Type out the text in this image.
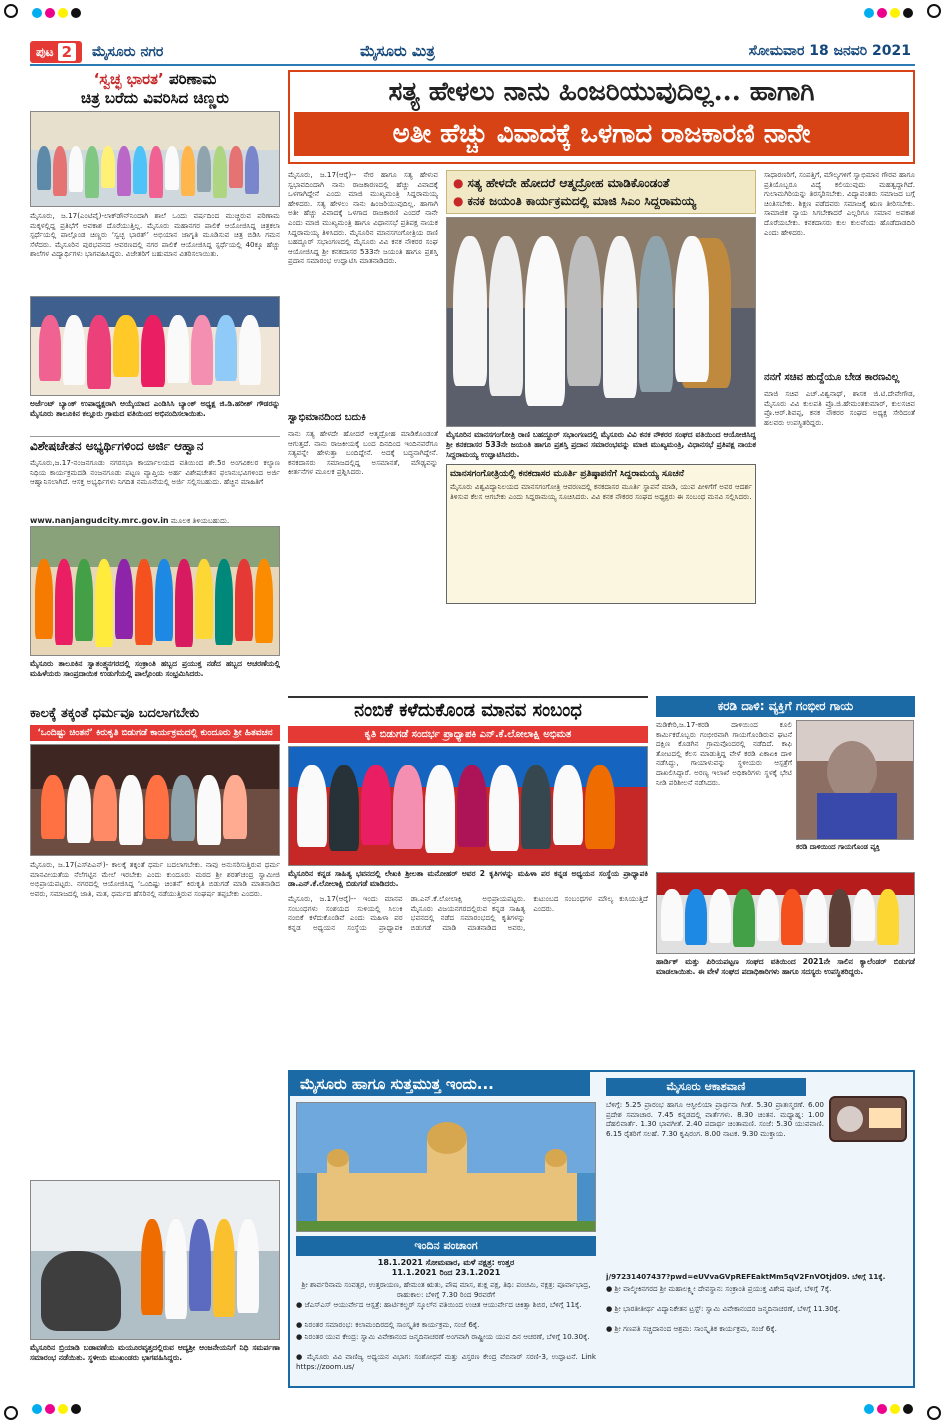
ಪುಟ 2 ಮೈಸೂರು ನಗರ	ಮೈಸೂರು ಮಿತ್ರ	ಸೋಮವಾರ 18 ಜನವರಿ 2021
‘ಸ್ವಚ್ಛ ಭಾರತ’ ಪರಿಣಾಮ
ಚಿತ್ರ ಬರೆದು ವಿವರಿಸಿದ ಚಿಣ್ಣರು
ಮೈಸೂರು, ಜ.17(ಎಂಟಿವೈ)-ಲಾಕ್‍ಡೌನ್‍ನಿಂದಾಗಿ ಶಾಲೆ ಒಂದು ವರ್ಷದಿಂದ ಮುಚ್ಚಿರುವ ಪರಿಣಾಮ ಮಕ್ಕಳಲ್ಲಿದ್ದ ಪ್ರತಿಭೆಗೆ ಅವಕಾಶ ದೊರೆಯುತ್ತಿಲ್ಲ. ಮೈಸೂರು ಮಹಾನಗರ ಪಾಲಿಕೆ ಆಯೋಜಿಸಿದ್ದ ಚಿತ್ರಕಲಾ ಸ್ಪರ್ಧೆಯಲ್ಲಿ ಪಾಲ್ಗೊಂಡ ಚಿಣ್ಣರು ‘ಸ್ವಚ್ಛ ಭಾರತ್’ ಅಭಿಯಾನ ಜಾಗೃತಿ ಮೂಡಿಸುವ ಚಿತ್ರ ಬಿಡಿಸಿ ಗಮನ ಸೆಳೆದರು. ಮೈಸೂರಿನ ಪುರಭವನದ ಆವರಣದಲ್ಲಿ ನಗರ ಪಾಲಿಕೆ ಆಯೋಜಿಸಿದ್ದ ಸ್ಪರ್ಧೆಯಲ್ಲಿ 40ಕ್ಕೂ ಹೆಚ್ಚು ಶಾಲೆಗಳ ವಿದ್ಯಾರ್ಥಿಗಳು ಭಾಗವಹಿಸಿದ್ದರು. ವಿಜೇತರಿಗೆ ಬಹುಮಾನ ವಿತರಿಸಲಾಯಿತು.
ಅರ್ಜೆಂಟ್ ಬ್ಯಾಂಕ್ ಉಪಾಧ್ಯಕ್ಷರಾಗಿ ಆಯ್ಕೆಯಾದ ಎಂಡಿಸಿಸಿ ಬ್ಯಾಂಕ್ ಅಧ್ಯಕ್ಷ ಜಿ.ಡಿ.ಹರೀಶ್ ಗೌಡರನ್ನು ಮೈಸೂರು ತಾಲೂಕಿನ ಕಲ್ಲೂರು ಗ್ರಾಮದ ವತಿಯಿಂದ ಅಭಿನಂದಿಸಲಾಯಿತು.
ವಿಶೇಷಚೇತನ ಅಭ್ಯರ್ಥಿಗಳಿಂದ ಅರ್ಜಿ ಆಹ್ವಾನ
ಮೈಸೂರು,ಜ.17-ನಂಜನಗೂಡು ನಗರಸಭಾ ಕಾರ್ಯಾಲಯದ ವತಿಯಿಂದ ಶೇ.5ರ ಅಂಗವಿಕಲರ ಕಲ್ಯಾಣ ನಿಧಿಯ ಕಾರ್ಯಕ್ರಮದಡಿ ನಂಜನಗೂಡು ಪಟ್ಟಣ ವ್ಯಾಪ್ತಿಯ ಅರ್ಹ ವಿಶೇಷಚೇತನ ಫಲಾನುಭವಿಗಳಿಂದ ಅರ್ಜಿ ಆಹ್ವಾನಿಸಲಾಗಿದೆ. ಆಸಕ್ತ ಅಭ್ಯರ್ಥಿಗಳು ನಿಗದಿತ ನಮೂನೆಯಲ್ಲಿ ಅರ್ಜಿ ಸಲ್ಲಿಸಬಹುದು. ಹೆಚ್ಚಿನ ಮಾಹಿತಿಗೆ
www.nanjangudcity.mrc.gov.in ಮೂಲಕ ತಿಳಿಯಬಹುದು.
ಮೈಸೂರು ತಾಲೂಕಿನ ಸ್ವಾತಂತ್ರ್ಯನಗರದಲ್ಲಿ ಸಂಕ್ರಾಂತಿ ಹಬ್ಬದ ಪ್ರಯುಕ್ತ ನಡೆದ ಹಬ್ಬದ ಆಚರಣೆಯಲ್ಲಿ ಮಹಿಳೆಯರು ಸಾಂಪ್ರದಾಯಿಕ ಉಡುಗೆಯಲ್ಲಿ ಪಾಲ್ಗೊಂಡು ಸಂಭ್ರಮಿಸಿದರು.
ಕಾಲಕ್ಕೆ ತಕ್ಕಂತೆ ಧರ್ಮವೂ ಬದಲಾಗಬೇಕು
‘ಒಂದಿಷ್ಟು ಚಿಂತನೆ’ ಕಿರುಕೃತಿ ಬಿಡುಗಡೆ ಕಾರ್ಯಕ್ರಮದಲ್ಲಿ ಕುಂದೂರು ಶ್ರೀ ಹಿತವಚನ
ಮೈಸೂರು, ಜ.17(ಎಸ್‍ಪಿಎನ್)- ಕಾಲಕ್ಕೆ ತಕ್ಕಂತೆ ಧರ್ಮ ಬದಲಾಗಬೇಕು. ನಾವು ಅನುಸರಿಸುತ್ತಿರುವ ಧರ್ಮ ಮಾನವೀಯತೆಯ ನೆಲೆಗಟ್ಟಿನ ಮೇಲೆ ಇರಬೇಕು ಎಂದು ಕುಂದೂರು ಮಠದ ಶ್ರೀ ಶರತ್‍ಚಂದ್ರ ಸ್ವಾಮೀಜಿ ಅಭಿಪ್ರಾಯಪಟ್ಟರು. ನಗರದಲ್ಲಿ ಆಯೋಜಿಸಿದ್ದ ‘ಒಂದಿಷ್ಟು ಚಿಂತನೆ’ ಕಿರುಕೃತಿ ಬಿಡುಗಡೆ ಮಾಡಿ ಮಾತನಾಡಿದ ಅವರು, ಸಮಾಜದಲ್ಲಿ ಜಾತಿ, ಮತ, ಧರ್ಮದ ಹೆಸರಿನಲ್ಲಿ ನಡೆಯುತ್ತಿರುವ ಸಂಘರ್ಷ ತಪ್ಪಬೇಕು ಎಂದರು.
ಮೈಸೂರಿನ ಬ್ರಿಯಾಡಿ ಬಡಾವಣೆಯ ಮಯೂರವೃತ್ತದಲ್ಲಿರುವ ಆದ್ಯಶ್ರೀ ಆಂಜನೇಯನಿಗೆ ನಿಧಿ ಸಮರ್ಪಣಾ ಸಮಾರಂಭ ನಡೆಯಿತು. ಸ್ಥಳೀಯ ಮುಖಂಡರು ಭಾಗವಹಿಸಿದ್ದರು.
ಸತ್ಯ ಹೇಳಲು ನಾನು ಹಿಂಜರಿಯುವುದಿಲ್ಲ... ಹಾಗಾಗಿ
ಅತೀ ಹೆಚ್ಚು ವಿವಾದಕ್ಕೆ ಒಳಗಾದ ರಾಜಕಾರಣಿ ನಾನೇ
ಮೈಸೂರು, ಜ.17(ಆರ್‍ಕೆ)-- ನೇರ ಹಾಗೂ ಸತ್ಯ ಹೇಳುವ ಸ್ವಭಾವದಿಂದಾಗಿ ನಾನು ರಾಜಕಾರಣದಲ್ಲಿ ಹೆಚ್ಚು ವಿವಾದಕ್ಕೆ ಒಳಗಾಗಿದ್ದೇನೆ ಎಂದು ಮಾಜಿ ಮುಖ್ಯಮಂತ್ರಿ ಸಿದ್ದರಾಮಯ್ಯ ಹೇಳಿದರು. ಸತ್ಯ ಹೇಳಲು ನಾನು ಹಿಂಜರಿಯುವುದಿಲ್ಲ. ಹಾಗಾಗಿ ಅತೀ ಹೆಚ್ಚು ವಿವಾದಕ್ಕೆ ಒಳಗಾದ ರಾಜಕಾರಣಿ ಎಂದರೆ ನಾನೇ ಎಂದು ಮಾಜಿ ಮುಖ್ಯಮಂತ್ರಿ ಹಾಗೂ ವಿಧಾನಸಭೆ ಪ್ರತಿಪಕ್ಷ ನಾಯಕ ಸಿದ್ದರಾಮಯ್ಯ ತಿಳಿಸಿದರು. ಮೈಸೂರಿನ ಮಾನಸಗಂಗೋತ್ರಿಯ ರಾಣಿ ಬಹದ್ದೂರ್ ಸಭಾಂಗಣದಲ್ಲಿ ಮೈಸೂರು ವಿವಿ ಕನಕ ನೌಕರರ ಸಂಘ ಆಯೋಜಿಸಿದ್ದ ಶ್ರೀ ಕನಕದಾಸರ 533ನೇ ಜಯಂತಿ ಹಾಗೂ ಪ್ರಶಸ್ತಿ ಪ್ರದಾನ ಸಮಾರಂಭ ಉದ್ಘಾಟಿಸಿ ಮಾತನಾಡಿದರು.
ಸ್ವಾಭಿಮಾನದಿಂದ ಬದುಕಿ
ನಾನು ಸತ್ಯ ಹೇಳದೇ ಹೋದರೆ ಆತ್ಮದ್ರೋಹ ಮಾಡಿಕೊಂಡಂತೆ ಆಗುತ್ತದೆ. ನಾನು ರಾಜಕೀಯಕ್ಕೆ ಬಂದ ದಿನದಿಂದ ಇಂದಿನವರೆಗೂ ಸತ್ಯವನ್ನೇ ಹೇಳುತ್ತಾ ಬಂದಿದ್ದೇನೆ. ಅದಕ್ಕೆ ಬದ್ಧನಾಗಿದ್ದೇನೆ. ಕನಕದಾಸರು ಸಮಾಜದಲ್ಲಿದ್ದ ಅಸಮಾನತೆ, ಮೌಢ್ಯವನ್ನು ಕೀರ್ತನೆಗಳ ಮೂಲಕ ಪ್ರಶ್ನಿಸಿದರು.
● ಸತ್ಯ ಹೇಳದೇ ಹೋದರೆ ಆತ್ಮದ್ರೋಹ ಮಾಡಿಕೊಂಡಂತೆ
● ಕನಕ ಜಯಂತಿ ಕಾರ್ಯಕ್ರಮದಲ್ಲಿ ಮಾಜಿ ಸಿಎಂ ಸಿದ್ದರಾಮಯ್ಯ
ಮೈಸೂರಿನ ಮಾನಸಗಂಗೋತ್ರಿ ರಾಣಿ ಬಹದ್ದೂರ್ ಸಭಾಂಗಣದಲ್ಲಿ ಮೈಸೂರು ವಿವಿ ಕನಕ ನೌಕರರ ಸಂಘದ ವತಿಯಿಂದ ಆಯೋಜಿಸಿದ್ದ ಶ್ರೀ ಕನಕದಾಸರ 533ನೇ ಜಯಂತಿ ಹಾಗೂ ಪ್ರಶಸ್ತಿ ಪ್ರದಾನ ಸಮಾರಂಭವನ್ನು ಮಾಜಿ ಮುಖ್ಯಮಂತ್ರಿ, ವಿಧಾನಸಭೆ ಪ್ರತಿಪಕ್ಷ ನಾಯಕ ಸಿದ್ದರಾಮಯ್ಯ ಉದ್ಘಾಟಿಸಿದರು.
ಮಾನಸಗಂಗೋತ್ರಿಯಲ್ಲಿ ಕನಕದಾಸರ ಮೂರ್ತಿ ಪ್ರತಿಷ್ಠಾಪನೆಗೆ ಸಿದ್ದರಾಮಯ್ಯ ಸೂಚನೆ
ಮೈಸೂರು ವಿಶ್ವವಿದ್ಯಾನಿಲಯದ ಮಾನಸಗಂಗೋತ್ರಿ ಆವರಣದಲ್ಲಿ ಕನಕದಾಸರ ಮೂರ್ತಿ ಸ್ಥಾಪನೆ ಮಾಡಿ, ಯುವ ಪೀಳಿಗೆಗೆ ಅವರ ಆದರ್ಶ ತಿಳಿಸುವ ಕೆಲಸ ಆಗಬೇಕು ಎಂದು ಸಿದ್ದರಾಮಯ್ಯ ಸೂಚಿಸಿದರು. ವಿವಿ ಕನಕ ನೌಕರರ ಸಂಘದ ಅಧ್ಯಕ್ಷರು ಈ ಸಂಬಂಧ ಮನವಿ ಸಲ್ಲಿಸಿದರು.
ಸಾಧಾರಣರಿಗೆ, ಸಂಪತ್ತಿಗೆ, ಮೌಲ್ಯಗಳಿಗೆ ಸ್ವಾಭಿಮಾನ ಗೌರವ ಹಾಗೂ ಪ್ರತಿಯೊಬ್ಬರೂ ವಿದ್ಯೆ ಕಲಿಯುವುದು ಮಹತ್ವದ್ದಾಗಿದೆ. ಗುಲಾಮಗಿರಿಯನ್ನು ತಿರಸ್ಕರಿಸಬೇಕು. ವಿದ್ಯಾವಂತರು ಸಮಾಜದ ಬಗ್ಗೆ ಚಿಂತಿಸಬೇಕು. ಶಿಕ್ಷಣ ಪಡೆದವರು ಸಮಾಜಕ್ಕೆ ಋಣ ತೀರಿಸಬೇಕು. ಸಾಮಾಜಿಕ ನ್ಯಾಯ ಸಿಗಬೇಕಾದರೆ ಎಲ್ಲರಿಗೂ ಸಮಾನ ಅವಕಾಶ ದೊರೆಯಬೇಕು. ಕನಕದಾಸರು ಕುಲ ಕುಲವೆಂದು ಹೊಡೆದಾಡದಿರಿ ಎಂದು ಹೇಳಿದರು.
ನನಗೆ ಸಚಿವ ಹುದ್ದೆಯೂ ಬೇಡ ಕಾರಣವಿಲ್ಲ
ಮಾಜಿ ಸಚಿವ ಎಚ್.ವಿಶ್ವನಾಥ್, ಶಾಸಕ ಜಿ.ಟಿ.ದೇವೇಗೌಡ, ಮೈಸೂರು ವಿವಿ ಕುಲಪತಿ ಪ್ರೊ.ಜಿ.ಹೇಮಂತಕುಮಾರ್, ಕುಲಸಚಿವ ಪ್ರೊ.ಆರ್.ಶಿವಪ್ಪ, ಕನಕ ನೌಕರರ ಸಂಘದ ಅಧ್ಯಕ್ಷ ಸೇರಿದಂತೆ ಹಲವರು ಉಪಸ್ಥಿತರಿದ್ದರು.
ನಂಬಿಕೆ ಕಳೆದುಕೊಂಡ ಮಾನವ ಸಂಬಂಧ
ಕೃತಿ ಬಿಡುಗಡೆ ಸಂದರ್ಭ ಪ್ರಾಧ್ಯಾಪಕಿ ಎನ್.ಕೆ.ಲೋಲಾಕ್ಷಿ ಅಭಿಮತ
ಮೈಸೂರಿನ ಕನ್ನಡ ಸಾಹಿತ್ಯ ಭವನದಲ್ಲಿ ಲೇಖಕಿ ಶ್ರೀಲತಾ ಮನೋಹರ್ ಅವರ 2 ಕೃತಿಗಳನ್ನು ಮಹಿಳಾ ಪರ ಕನ್ನಡ ಅಧ್ಯಯನ ಸಂಸ್ಥೆಯ ಪ್ರಾಧ್ಯಾಪಕಿ ಡಾ.ಎನ್.ಕೆ.ಲೋಲಾಕ್ಷಿ ಬಿಡುಗಡೆ ಮಾಡಿದರು.
ಮೈಸೂರು, ಜ.17(ಆರ್‍ಕೆ)-- ಇಂದು ಮಾನವ ಸಂಬಂಧಗಳು ಸಂಶಯದ ಸುಳಿಯಲ್ಲಿ ಸಿಲುಕಿ ನಂಬಿಕೆ ಕಳೆದುಕೊಂಡಿವೆ ಎಂದು ಮಹಿಳಾ ಪರ ಕನ್ನಡ ಅಧ್ಯಯನ ಸಂಸ್ಥೆಯ ಪ್ರಾಧ್ಯಾಪಕಿ ಡಾ.ಎನ್.ಕೆ.ಲೋಲಾಕ್ಷಿ ಅಭಿಪ್ರಾಯಪಟ್ಟರು. ಮೈಸೂರು ವಿಜಯನಗರದಲ್ಲಿರುವ ಕನ್ನಡ ಸಾಹಿತ್ಯ ಭವನದಲ್ಲಿ ನಡೆದ ಸಮಾರಂಭದಲ್ಲಿ ಕೃತಿಗಳನ್ನು ಬಿಡುಗಡೆ ಮಾಡಿ ಮಾತನಾಡಿದ ಅವರು, ಕುಟುಂಬದ ಸಂಬಂಧಗಳ ಮೌಲ್ಯ ಕುಸಿಯುತ್ತಿದೆ ಎಂದರು.
ಕರಡಿ ದಾಳಿ: ವ್ಯಕ್ತಿಗೆ ಗಂಭೀರ ಗಾಯ
ಮಡಿಕೇರಿ,ಜ.17-ಕರಡಿ ದಾಳಿಯಿಂದ ಕೂಲಿ ಕಾರ್ಮಿಕರೊಬ್ಬರು ಗಂಭೀರವಾಗಿ ಗಾಯಗೊಂಡಿರುವ ಘಟನೆ ದಕ್ಷಿಣ ಕೊಡಗಿನ ಗ್ರಾಮವೊಂದರಲ್ಲಿ ನಡೆದಿದೆ. ಕಾಫಿ ತೋಟದಲ್ಲಿ ಕೆಲಸ ಮಾಡುತ್ತಿದ್ದ ವೇಳೆ ಕರಡಿ ಏಕಾಏಕಿ ದಾಳಿ ನಡೆಸಿದ್ದು, ಗಾಯಾಳುವನ್ನು ಸ್ಥಳೀಯರು ಆಸ್ಪತ್ರೆಗೆ ದಾಖಲಿಸಿದ್ದಾರೆ. ಅರಣ್ಯ ಇಲಾಖೆ ಅಧಿಕಾರಿಗಳು ಸ್ಥಳಕ್ಕೆ ಭೇಟಿ ನೀಡಿ ಪರಿಶೀಲನೆ ನಡೆಸಿದರು.
ಕರಡಿ ದಾಳಿಯಿಂದ ಗಾಯಗೊಂಡ ವ್ಯಕ್ತಿ
ಹಾರ್ಡಿಕ್ ಮತ್ತು ಪಿರಿಯಪಟ್ಟಣ ಸಂಘದ ವತಿಯಿಂದ 2021ನೇ ಸಾಲಿನ ಕ್ಯಾಲೆಂಡರ್ ಬಿಡುಗಡೆ ಮಾಡಲಾಯಿತು. ಈ ವೇಳೆ ಸಂಘದ ಪದಾಧಿಕಾರಿಗಳು ಹಾಗೂ ಸದಸ್ಯರು ಉಪಸ್ಥಿತರಿದ್ದರು.
ಮೈಸೂರು ಹಾಗೂ ಸುತ್ತಮುತ್ತ ಇಂದು...
ಇಂದಿನ ಪಂಚಾಂಗ
18.1.2021 ಸೋಮವಾರ, ಮಳೆ ನಕ್ಷತ್ರ: ಉತ್ತರ
11.1.2021 ರಿಂದ 23.1.2021
ಶ್ರೀ ಶಾರ್ವರಿನಾಮ ಸಂವತ್ಸರ, ಉತ್ತರಾಯಣ, ಹೇಮಂತ ಋತು, ಪೌಷ ಮಾಸ, ಶುಕ್ಲ ಪಕ್ಷ, ತಿಥಿ: ಪಂಚಮಿ, ನಕ್ಷತ್ರ: ಪೂರ್ವಾಭಾದ್ರ, ರಾಹುಕಾಲ: ಬೆಳಿಗ್ಗೆ 7.30 ರಿಂದ 9ರವರೆಗೆ
● ಜೆಎಸ್‍ಎಸ್ ಆಯುರ್ವೇದ ಆಸ್ಪತ್ರೆ: ಹಾರ್ಟಿಕಲ್ಚರ್ ಸ್ಕೂಲ್‍ನ ವತಿಯಿಂದ ಉಚಿತ ಆಯುರ್ವೇದ ಚಿಕಿತ್ಸಾ ಶಿಬಿರ, ಬೆಳಿಗ್ಗೆ 11ಕ್ಕೆ.
● ನಿರಂತರ ಸಮಾರಂಭ: ಕಲಾಮಂದಿರದಲ್ಲಿ ಸಾಂಸ್ಕೃತಿಕ ಕಾರ್ಯಕ್ರಮ, ಸಂಜೆ 6ಕ್ಕೆ.
● ನಿರಂತರ ಯುವ ಕೇಂದ್ರ: ಸ್ವಾಮಿ ವಿವೇಕಾನಂದ ಜನ್ಮದಿನಾಚರಣೆ ಅಂಗವಾಗಿ ರಾಷ್ಟ್ರೀಯ ಯುವ ದಿನ ಆಚರಣೆ, ಬೆಳಿಗ್ಗೆ 10.30ಕ್ಕೆ.
● ಮೈಸೂರು ವಿವಿ ವಾಣಿಜ್ಯ ಅಧ್ಯಯನ ವಿಭಾಗ: ಸಂಶೋಧನೆ ಮತ್ತು ವಿಸ್ತರಣ ಕೇಂದ್ರ ವೆಬಿನಾರ್ ಸರಣಿ-3, ಉದ್ಘಾಟನೆ. Link https://zoom.us/
ಮೈಸೂರು ಆಕಾಶವಾಣಿ
ಬೆಳಿಗ್ಗೆ: 5.25 ಪ್ರಾರಂಭ ಹಾಗೂ ಆಸ್ಫೀಲಿಯಾ ಪ್ರಾರ್ಥನಾ ಗೀತೆ. 5.30 ಪ್ರಾತಃಸ್ಮರಣೆ. 6.00 ಪ್ರದೇಶ ಸಮಾಚಾರ. 7.45 ಕನ್ನಡದಲ್ಲಿ ವಾರ್ತೆಗಳು. 8.30 ಚಿಂತನ. ಮಧ್ಯಾಹ್ನ: 1.00 ದೆಹಲಿವಾರ್ತೆ. 1.30 ಭಾವಗೀತೆ. 2.40 ಪದಾರ್ಥ ಚಿಂತಾಮಣಿ. ಸಂಜೆ: 5.30 ಯುವವಾಣಿ. 6.15 ರೈತರಿಗೆ ಸಲಹೆ. 7.30 ಕೃಷಿರಂಗ. 8.00 ನಾಟಕ. 9.30 ಮುಕ್ತಾಯ.
j/97231407437?pwd=eUVvaGVpREFEaktMm5qV2FnVOtjd09. ಬೆಳಿಗ್ಗೆ 11ಕ್ಕೆ.
● ಶ್ರೀ ವಾಲ್ಮೀಕಿನಗರದ ಶ್ರೀ ಮಹಾಲಕ್ಷ್ಮೀ ದೇವಸ್ಥಾನ: ಸಂಕ್ರಾಂತಿ ಪ್ರಯುಕ್ತ ವಿಶೇಷ ಪೂಜೆ, ಬೆಳಿಗ್ಗೆ 7ಕ್ಕೆ.
● ಶ್ರೀ ಭಾರತೀತೀರ್ಥ ವಿದ್ಯಾನಿಕೇತನ ಟ್ರಸ್ಟ್: ಸ್ವಾಮಿ ವಿವೇಕಾನಂದರ ಜನ್ಮದಿನಾಚರಣೆ, ಬೆಳಿಗ್ಗೆ 11.30ಕ್ಕೆ.
● ಶ್ರೀ ಗಣಪತಿ ಸಚ್ಚಿದಾನಂದ ಆಶ್ರಮ: ಸಾಂಸ್ಕೃತಿಕ ಕಾರ್ಯಕ್ರಮ, ಸಂಜೆ 6ಕ್ಕೆ.
